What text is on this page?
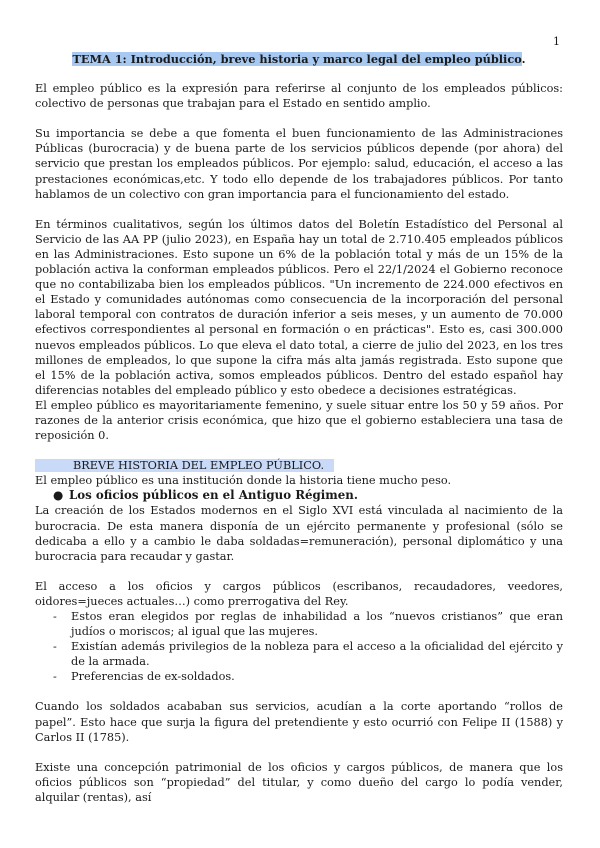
1

TEMA 1: Introducción, breve historia y marco legal del empleo público.

El empleo público es la expresión para referirse al conjunto de los empleados públicos: colectivo de personas que trabajan para el Estado en sentido amplio.

Su importancia se debe a que fomenta el buen funcionamiento de las Administraciones Públicas (burocracia) y de buena parte de los servicios públicos depende (por ahora) del servicio que prestan los empleados públicos. Por ejemplo: salud, educación, el acceso a las prestaciones económicas,etc. Y todo ello depende de los trabajadores públicos. Por tanto hablamos de un colectivo con gran importancia para el funcionamiento del estado.

En términos cualitativos, según los últimos datos del Boletín Estadístico del Personal al Servicio de las AA PP (julio 2023), en España hay un total de 2.710.405 empleados públicos en las Administraciones. Esto supone un 6% de la población total y más de un 15% de la población activa la conforman empleados públicos. Pero el 22/1/2024 el Gobierno reconoce que no contabilizaba bien los empleados públicos. "Un incremento de 224.000 efectivos en el Estado y comunidades autónomas como consecuencia de la incorporación del personal laboral temporal con contratos de duración inferior a seis meses, y un aumento de 70.000 efectivos correspondientes al personal en formación o en prácticas". Esto es, casi 300.000 nuevos empleados públicos. Lo que eleva el dato total, a cierre de julio del 2023, en los tres millones de empleados, lo que supone la cifra más alta jamás registrada. Esto supone que el 15% de la población activa, somos empleados públicos. Dentro del estado español hay diferencias notables del empleado público y esto obedece a decisiones estratégicas.

El empleo público es mayoritariamente femenino, y suele situar entre los 50 y 59 años. Por razones de la anterior crisis económica, que hizo que el gobierno estableciera una tasa de reposición 0.

BREVE HISTORIA DEL EMPLEO PÚBLICO.

El empleo público es una institución donde la historia tiene mucho peso.

● Los oficios públicos en el Antiguo Régimen.

La creación de los Estados modernos en el Siglo XVI está vinculada al nacimiento de la burocracia. De esta manera disponía de un ejército permanente y profesional (sólo se dedicaba a ello y a cambio le daba soldadas=remuneración), personal diplomático y una burocracia para recaudar y gastar.

El acceso a los oficios y cargos públicos (escribanos, recaudadores, veedores, oidores=jueces actuales…) como prerrogativa del Rey.

- Estos eran elegidos por reglas de inhabilidad a los “nuevos cristianos” que eran judíos o moriscos; al igual que las mujeres.
- Existían además privilegios de la nobleza para el acceso a la oficialidad del ejército y de la armada.
- Preferencias de ex-soldados.

Cuando los soldados acababan sus servicios, acudían a la corte aportando “rollos de papel”. Esto hace que surja la figura del pretendiente y esto ocurrió con Felipe II (1588) y Carlos II (1785).

Existe una concepción patrimonial de los oficios y cargos públicos, de manera que los oficios públicos son “propiedad” del titular, y como dueño del cargo lo podía vender, alquilar (rentas), así
